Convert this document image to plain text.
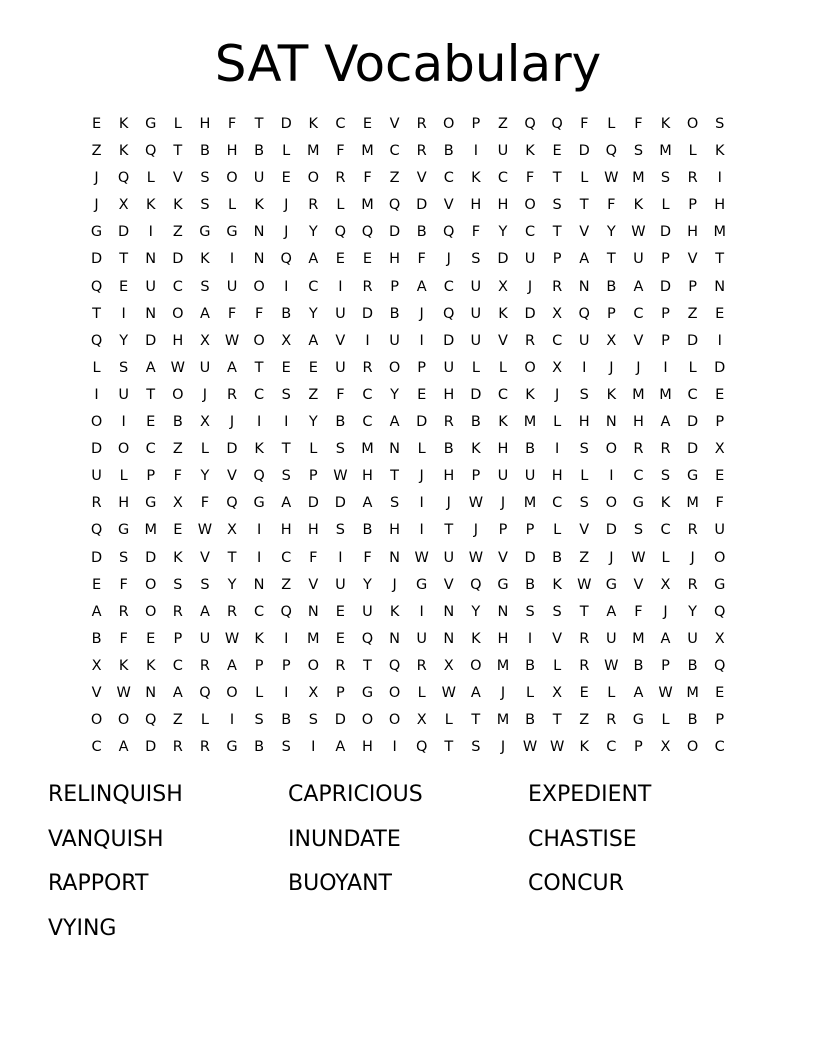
SAT Vocabulary
E K G L H F T D K C E V R O P Z Q Q F L F K O S
Z K Q T B H B L M F M C R B I U K E D Q S M L K
J Q L V S O U E O R F Z V C K C F T L W M S R I
J X K K S L K J R L M Q D V H H O S T F K L P H
G D I Z G G N J Y Q Q D B Q F Y C T V Y W D H M
D T N D K I N Q A E E H F J S D U P A T U P V T
Q E U C S U O I C I R P A C U X J R N B A D P N
T I N O A F F B Y U D B J Q U K D X Q P C P Z E
Q Y D H X W O X A V I U I D U V R C U X V P D I
L S A W U A T E E U R O P U L L O X I J J I L D
I U T O J R C S Z F C Y E H D C K J S K M M C E
O I E B X J I I Y B C A D R B K M L H N H A D P
D O C Z L D K T L S M N L B K H B I S O R R D X
U L P F Y V Q S P W H T J H P U U H L I C S G E
R H G X F Q G A D D A S I J W J M C S O G K M F
Q G M E W X I H H S B H I T J P P L V D S C R U
D S D K V T I C F I F N W U W V D B Z J W L J O
E F O S S Y N Z V U Y J G V Q G B K W G V X R G
A R O R A R C Q N E U K I N Y N S S T A F J Y Q
B F E P U W K I M E Q N U N K H I V R U M A U X
X K K C R A P P O R T Q R X O M B L R W B P B Q
V W N A Q O L I X P G O L W A J L X E L A W M E
O O Q Z L I S B S D O O X L T M B T Z R G L B P
C A D R R G B S I A H I Q T S J W W K C P X O C
RELINQUISH	CAPRICIOUS	EXPEDIENT
VANQUISH	INUNDATE	CHASTISE
RAPPORT	BUOYANT	CONCUR
VYING
